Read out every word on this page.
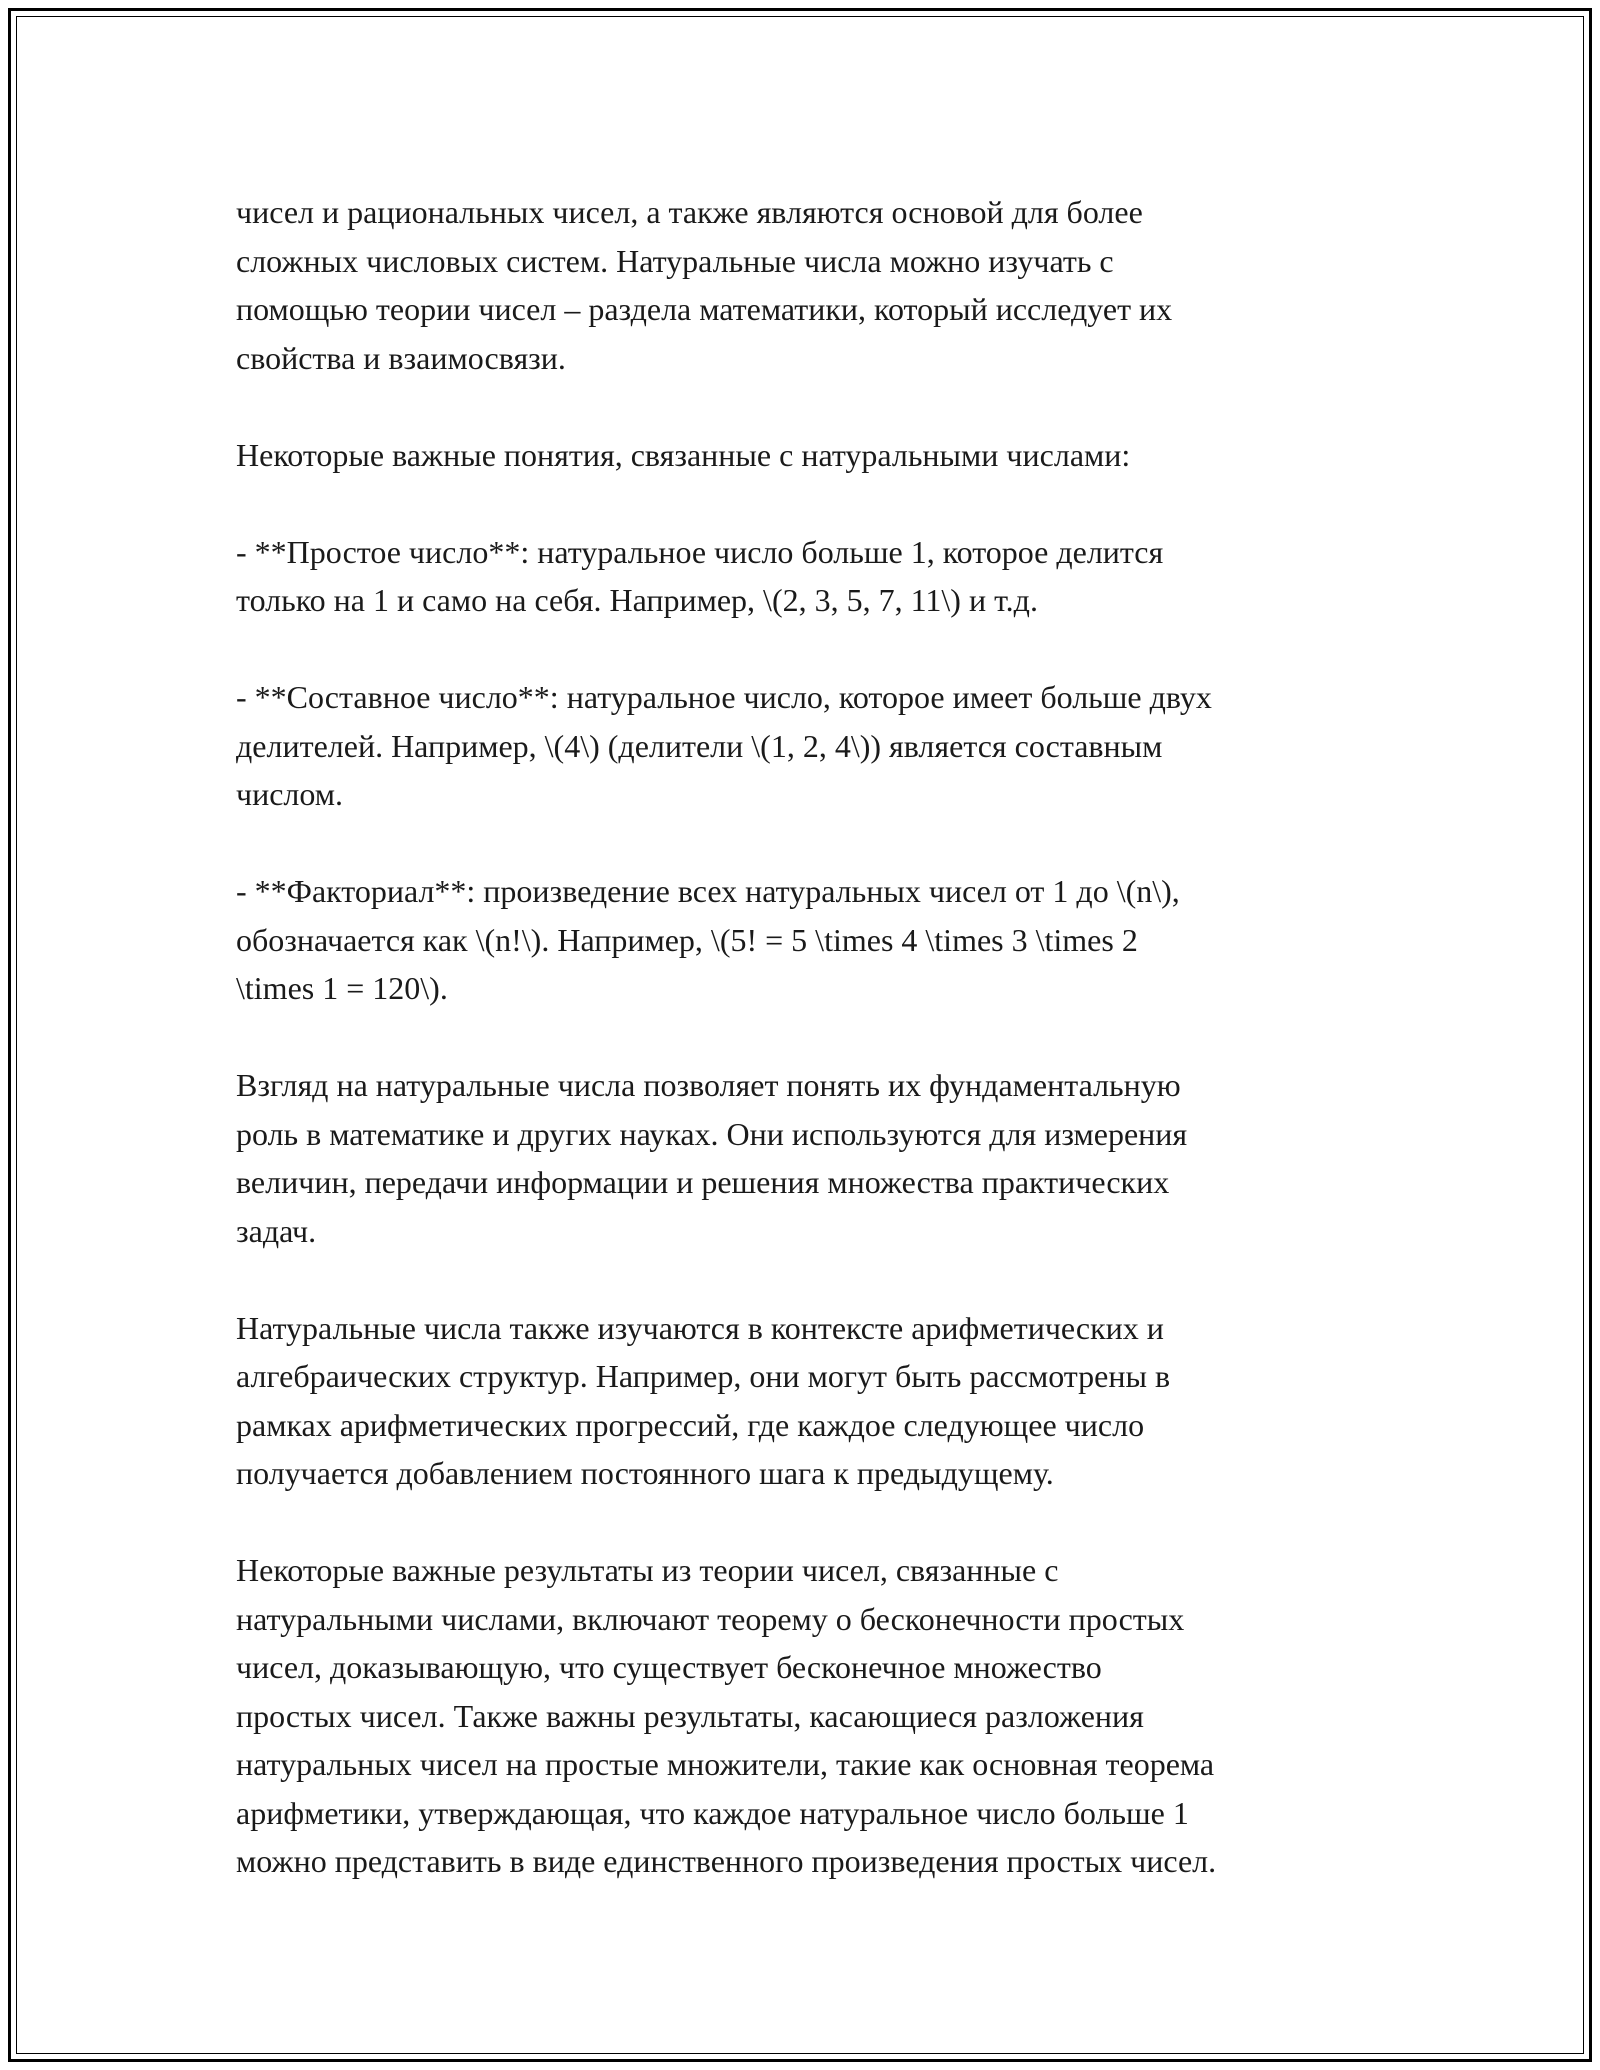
чисел и рациональных чисел, а также являются основой для более
сложных числовых систем. Натуральные числа можно изучать с
помощью теории чисел – раздела математики, который исследует их
свойства и взаимосвязи.

Некоторые важные понятия, связанные с натуральными числами:

- **Простое число**: натуральное число больше 1, которое делится
только на 1 и само на себя. Например, \(2, 3, 5, 7, 11\) и т.д.

- **Составное число**: натуральное число, которое имеет больше двух
делителей. Например, \(4\) (делители \(1, 2, 4\)) является составным
числом.

- **Факториал**: произведение всех натуральных чисел от 1 до \(n\),
обозначается как \(n!\). Например, \(5! = 5 \times 4 \times 3 \times 2
\times 1 = 120\).

Взгляд на натуральные числа позволяет понять их фундаментальную
роль в математике и других науках. Они используются для измерения
величин, передачи информации и решения множества практических
задач.

Натуральные числа также изучаются в контексте арифметических и
алгебраических структур. Например, они могут быть рассмотрены в
рамках арифметических прогрессий, где каждое следующее число
получается добавлением постоянного шага к предыдущему.

Некоторые важные результаты из теории чисел, связанные с
натуральными числами, включают теорему о бесконечности простых
чисел, доказывающую, что существует бесконечное множество
простых чисел. Также важны результаты, касающиеся разложения
натуральных чисел на простые множители, такие как основная теорема
арифметики, утверждающая, что каждое натуральное число больше 1
можно представить в виде единственного произведения простых чисел.
